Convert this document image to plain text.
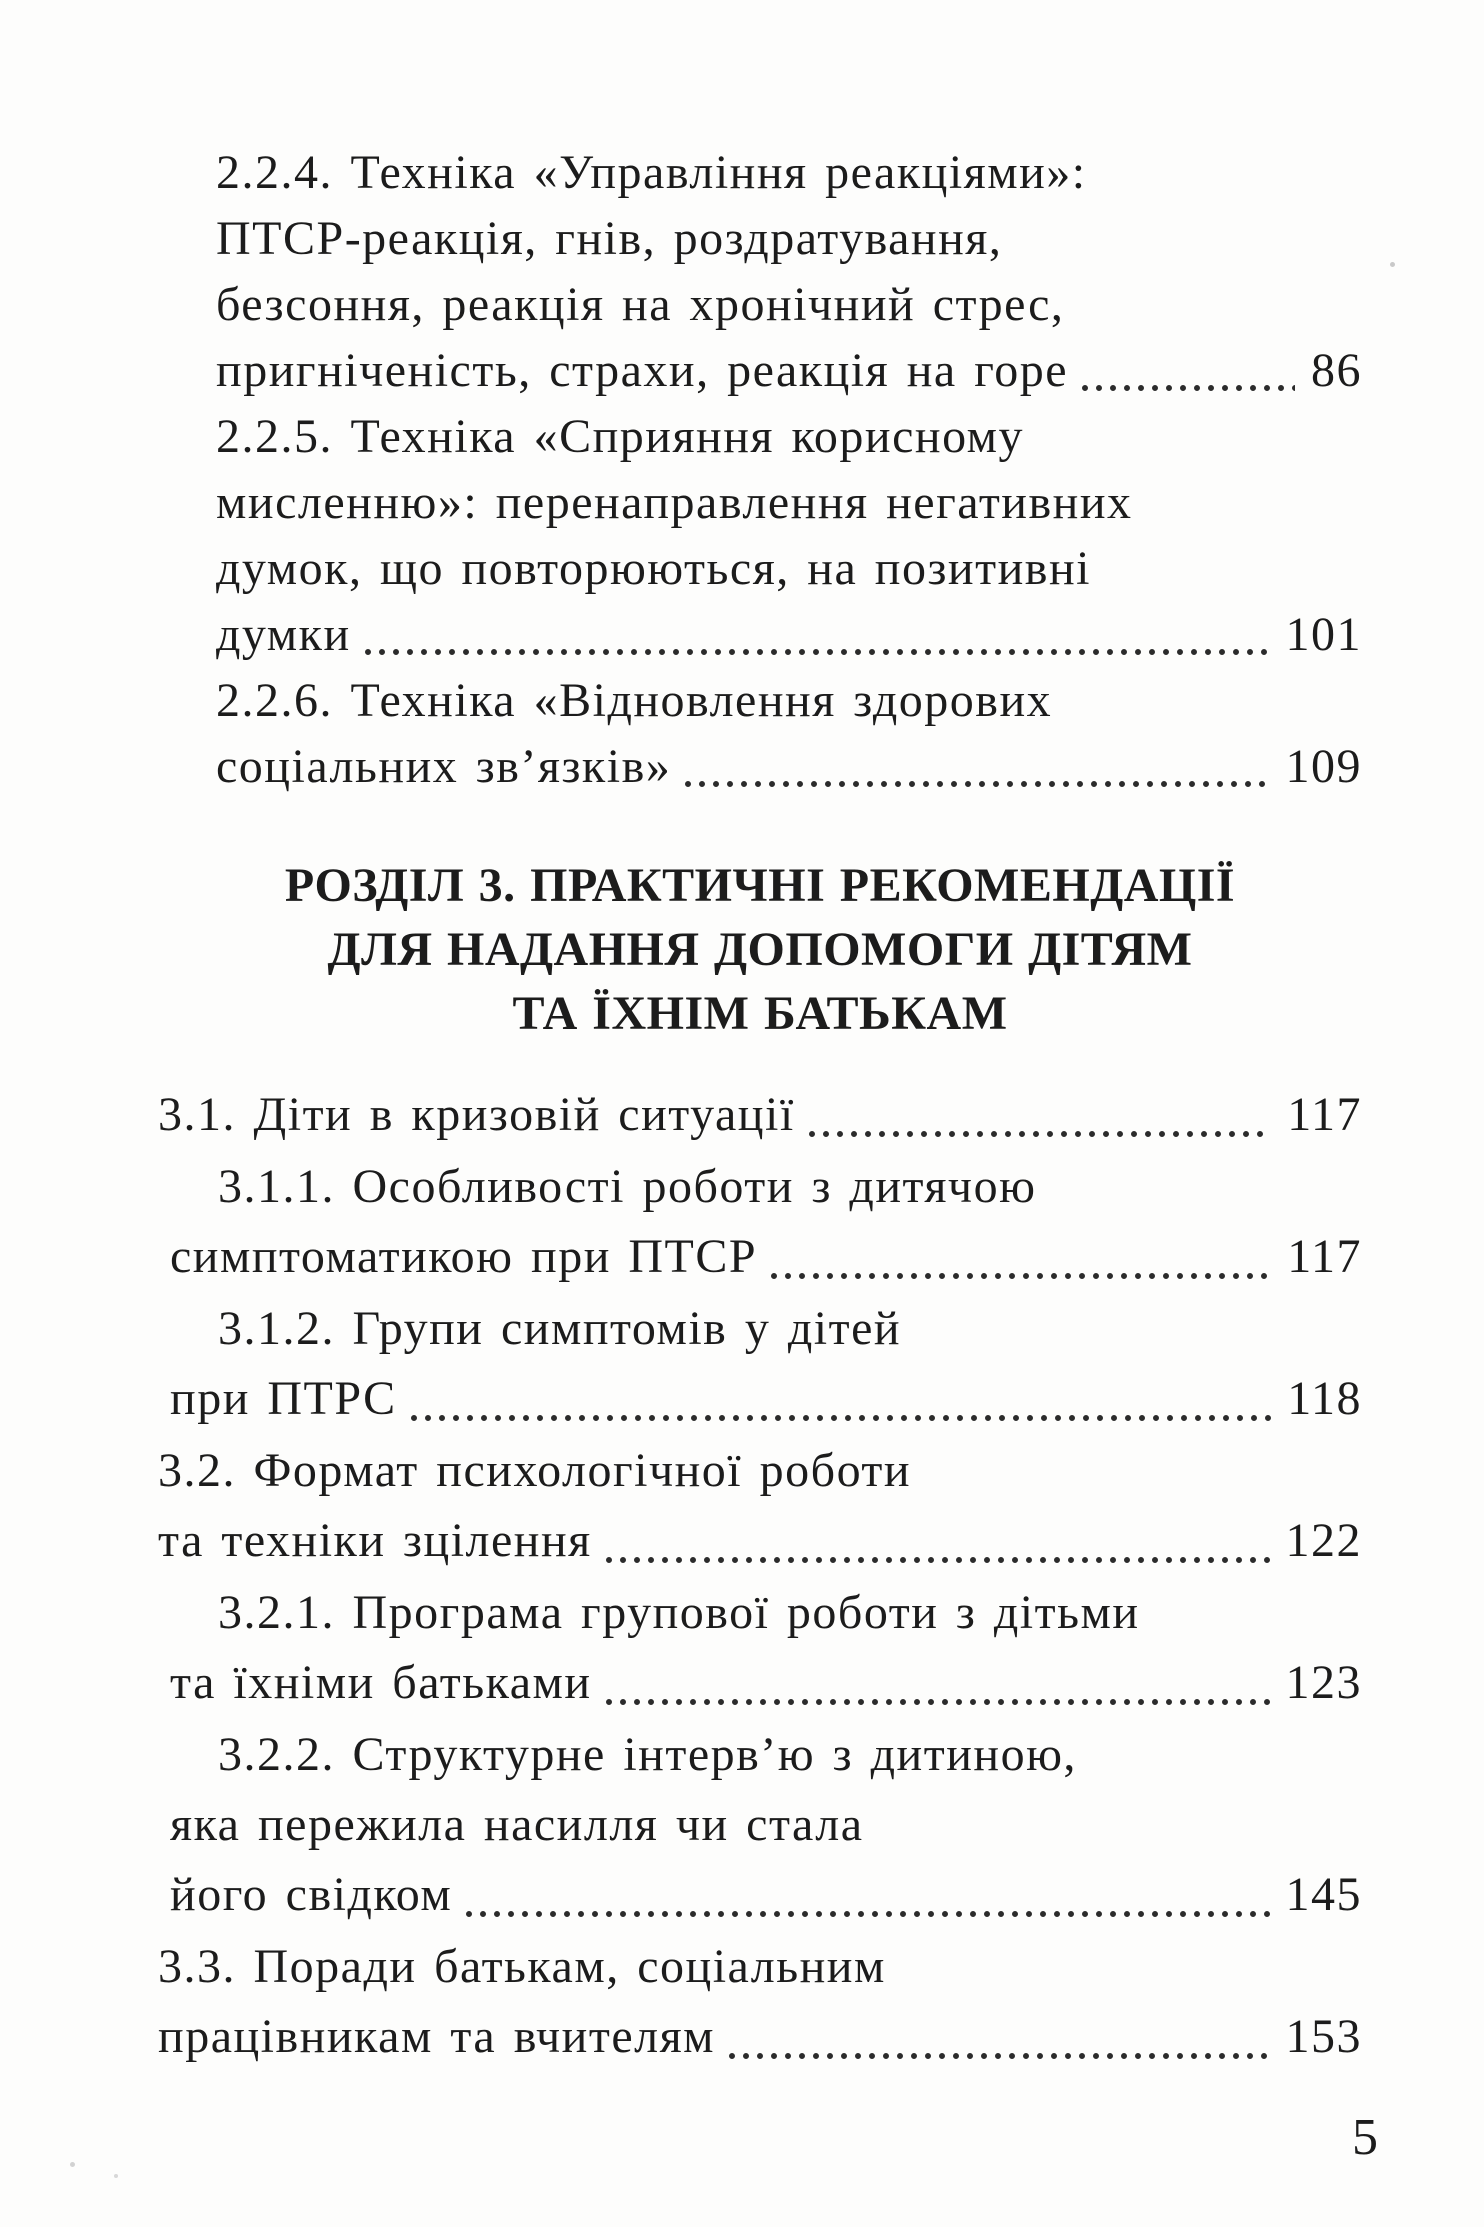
2.2.4. Техніка «Управління реакціями»:
ПТСР-реакція, гнів, роздратування,
безсоння, реакція на хронічний стрес,
пригніченість, страхи, реакція на горе	86
2.2.5. Техніка «Сприяння корисному
мисленню»: перенаправлення негативних
думок, що повторюються, на позитивні
думки	101
2.2.6. Техніка «Відновлення здорових
соціальних зв’язків»	109
РОЗДІЛ 3. ПРАКТИЧНІ РЕКОМЕНДАЦІЇ
ДЛЯ НАДАННЯ ДОПОМОГИ ДІТЯМ
ТА ЇХНІМ БАТЬКАМ
3.1. Діти в кризовій ситуації	117
3.1.1. Особливості роботи з дитячою
симптоматикою при ПТСР	117
3.1.2. Групи симптомів у дітей
при ПТРС	118
3.2. Формат психологічної роботи
та техніки зцілення	122
3.2.1. Програма групової роботи з дітьми
та їхніми батьками	123
3.2.2. Структурне інтерв’ю з дитиною,
яка пережила насилля чи стала
його свідком	145
3.3. Поради батькам, соціальним
працівникам та вчителям	153
5
